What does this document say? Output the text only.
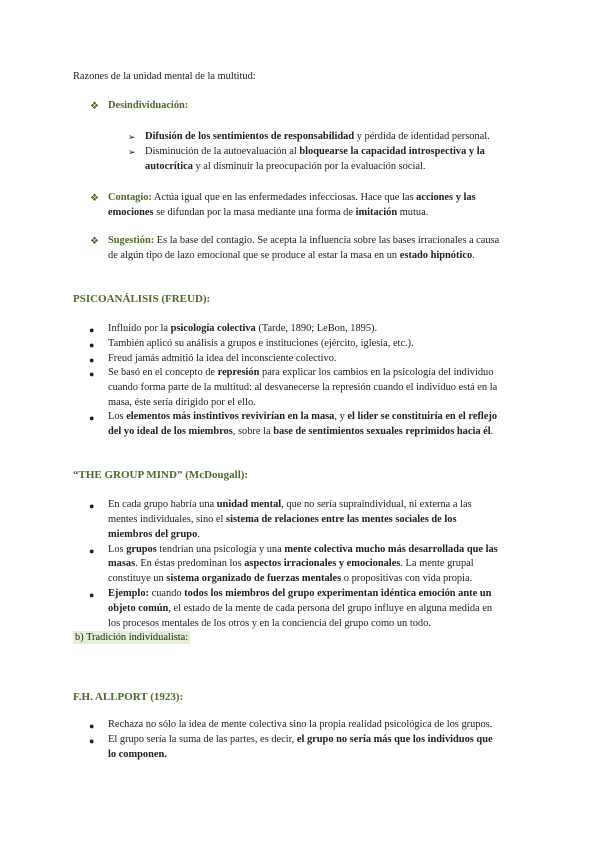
Razones de la unidad mental de la multitud:
❖ Desindividuación:
➢ Difusión de los sentimientos de responsabilidad y pérdida de identidad personal.
➢ Disminución de la autoevaluación al bloquearse la capacidad introspectiva y la
autocrítica y al disminuir la preocupación por la evaluación social.
❖ Contagio: Actúa igual que en las enfermedades infecciosas. Hace que las acciones y las
emociones se difundan por la masa mediante una forma de imitación mutua.
❖ Sugestión: Es la base del contagio. Se acepta la influencia sobre las bases irracionales a causa
de algún tipo de lazo emocional que se produce al estar la masa en un estado hipnótico.
PSICOANÁLISIS (FREUD):
● Influido por la psicología colectiva (Tarde, 1890; LeBon, 1895).
● También aplicó su análisis a grupos e instituciones (ejército, iglesia, etc.).
● Freud jamás admitió la idea del inconsciente colectivo.
● Se basó en el concepto de represión para explicar los cambios en la psicología del individuo
cuando forma parte de la multitud: al desvanecerse la represión cuando el individuo está en la
masa, éste sería dirigido por el ello.
● Los elementos más instintivos revivirían en la masa, y el líder se constituiría en el reflejo
del yo ideal de los miembros, sobre la base de sentimientos sexuales reprimidos hacia él.
“THE GROUP MIND” (McDougall):
● En cada grupo habría una unidad mental, que no sería supraindividual, ni externa a las
mentes individuales, sino el sistema de relaciones entre las mentes sociales de los
miembros del grupo.
● Los grupos tendrían una psicología y una mente colectiva mucho más desarrollada que las
masas. En éstas predominan los aspectos irracionales y emocionales. La mente grupal
constituye un sistema organizado de fuerzas mentales o propositivas con vida propia.
● Ejemplo: cuando todos los miembros del grupo experimentan idéntica emoción ante un
objeto común, el estado de la mente de cada persona del grupo influye en alguna medida en
los procesos mentales de los otros y en la conciencia del grupo como un todo.
b) Tradición individualista:
F.H. ALLPORT (1923):
● Rechaza no sólo la idea de mente colectiva sino la propia realidad psicológica de los grupos.
● El grupo sería la suma de las partes, es decir, el grupo no sería más que los individuos que
lo componen.
